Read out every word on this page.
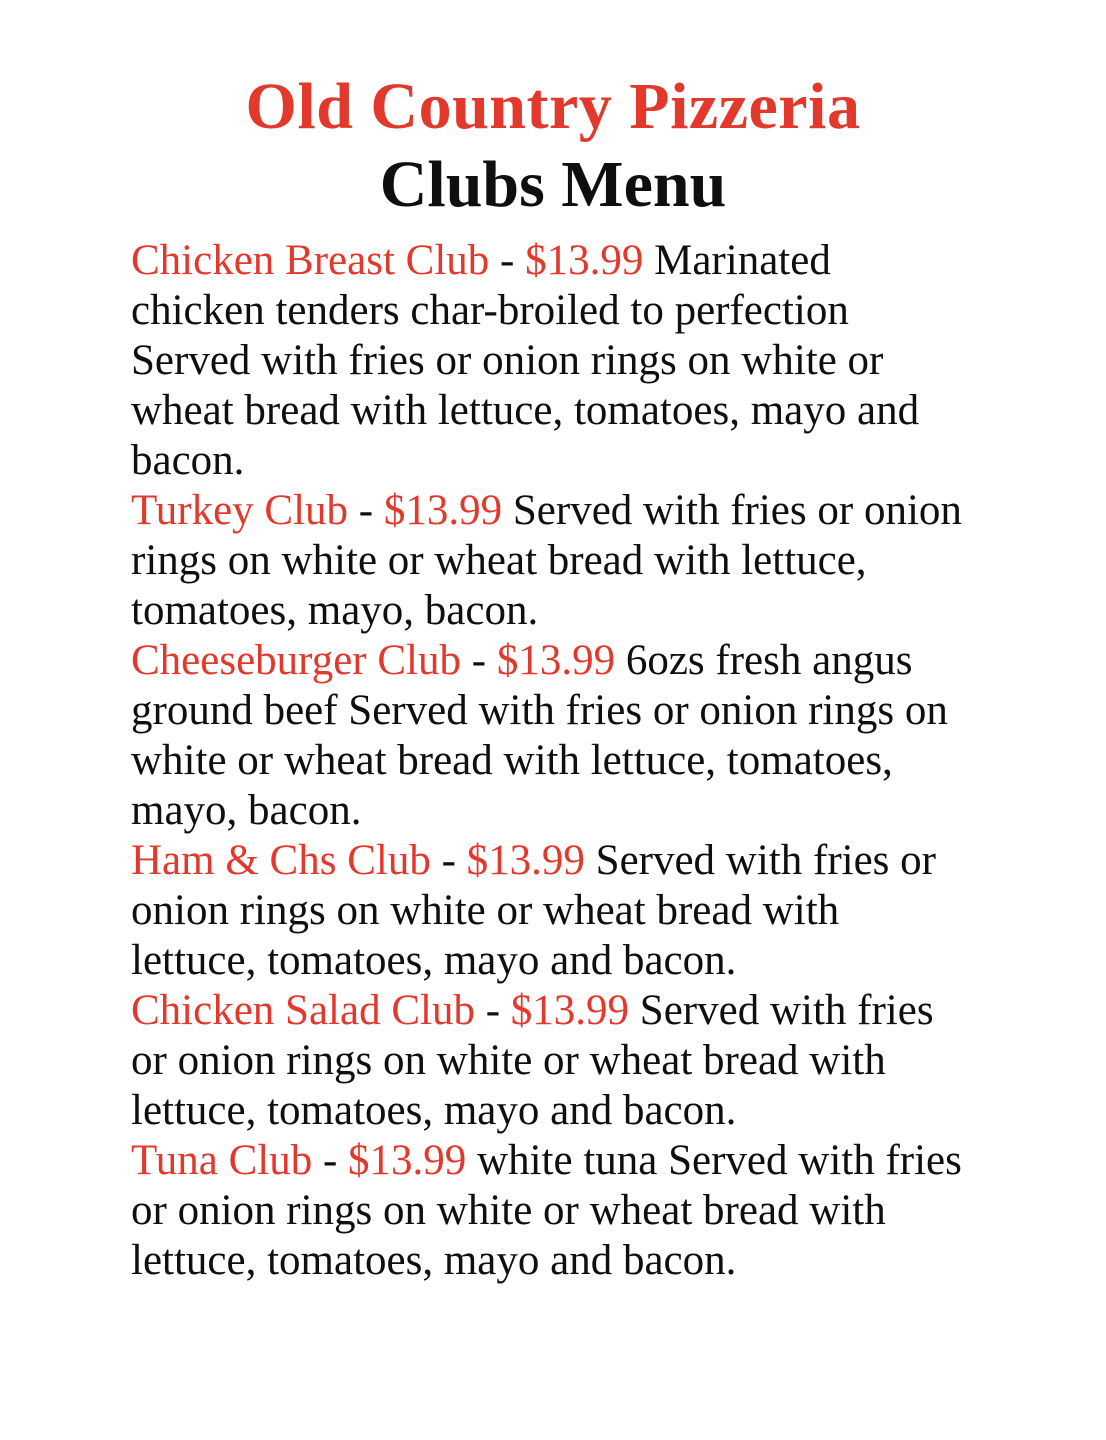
Old Country Pizzeria
Clubs Menu

Chicken Breast Club - $13.99 Marinated chicken tenders char-broiled to perfection Served with fries or onion rings on white or wheat bread with lettuce, tomatoes, mayo and bacon.

Turkey Club - $13.99 Served with fries or onion rings on white or wheat bread with lettuce, tomatoes, mayo, bacon.

Cheeseburger Club - $13.99 6ozs fresh angus ground beef Served with fries or onion rings on white or wheat bread with lettuce, tomatoes, mayo, bacon.

Ham & Chs Club - $13.99 Served with fries or onion rings on white or wheat bread with lettuce, tomatoes, mayo and bacon.

Chicken Salad Club - $13.99 Served with fries or onion rings on white or wheat bread with lettuce, tomatoes, mayo and bacon.

Tuna Club - $13.99 white tuna Served with fries or onion rings on white or wheat bread with lettuce, tomatoes, mayo and bacon.
